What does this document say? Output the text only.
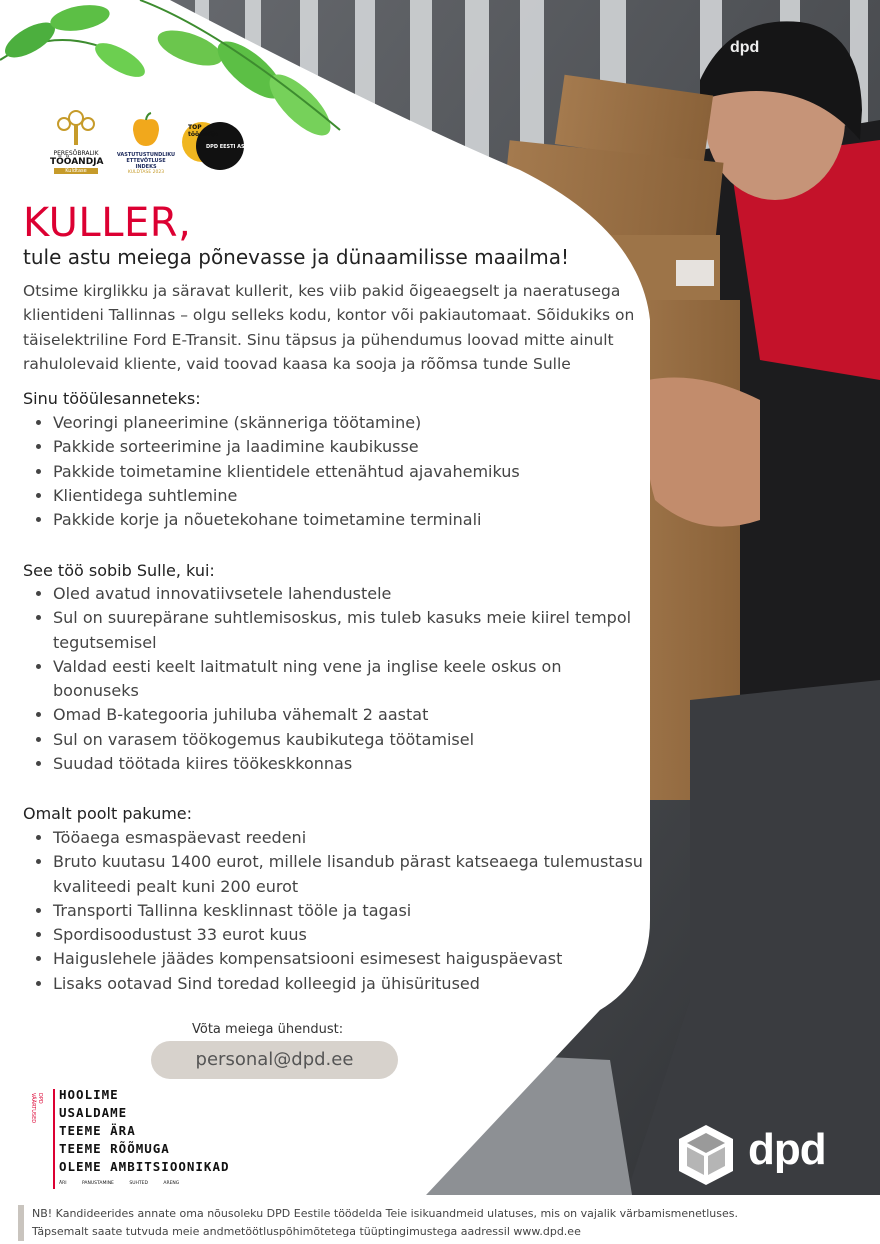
dpd
PERESÕBRALIK
TÖÖANDJA
Kuldtase
VASTUTUSTUNDLIKU
ETTEVÕTLUSE INDEKS
KULDTASE 2023
TOP
tööandja
DPD EESTI AS
KULLER,
tule astu meiega põnevasse ja dünaamilisse maailma!

Otsime kirglikku ja säravat kullerit, kes viib pakid õigeaegselt ja naeratusega klientideni Tallinnas – olgu selleks kodu, kontor või pakiautomaat. Sõidukiks on täiselektriline Ford E-Transit. Sinu täpsus ja pühendumus loovad mitte ainult rahulolevaid kliente, vaid toovad kaasa ka sooja ja rõõmsa tunde Sulle

Sinu tööülesanneteks:
• Veoringi planeerimine (skänneriga töötamine)
• Pakkide sorteerimine ja laadimine kaubikusse
• Pakkide toimetamine klientidele ettenähtud ajavahemikus
• Klientidega suhtlemine
• Pakkide korje ja nõuetekohane toimetamine terminali
See töö sobib Sulle, kui:
• Oled avatud innovatiivsetele lahendustele
• Sul on suurepärane suhtlemisoskus, mis tuleb kasuks meie kiirel tempol tegutsemisel
• Valdad eesti keelt laitmatult ning vene ja inglise keele oskus on boonuseks
• Omad B-kategooria juhiluba vähemalt 2 aastat
• Sul on varasem töökogemus kaubikutega töötamisel
• Suudad töötada kiires töökeskkonnas
Omalt poolt pakume:
• Tööaega esmaspäevast reedeni
• Bruto kuutasu 1400 eurot, millele lisandub pärast katseaega tulemustasu kvaliteedi pealt kuni 200 eurot
• Transporti Tallinna kesklinnast tööle ja tagasi
• Spordisoodustust 33 eurot kuus
• Haiguslehele jäädes kompensatsiooni esimesest haiguspäevast
• Lisaks ootavad Sind toredad kolleegid ja ühisüritused
Võta meiega ühendust:
personal@dpd.ee
DPD VÄÄRTUSED	HOOLIME
USALDAME
TEEME ÄRA
TEEME RÕÕMUGA
OLEME AMBITSIOONIKAD
ÄRI	PANUSTAMINE	SUHTED	ARENG
dpd

NB! Kandideerides annate oma nõusoleku DPD Eestile töödelda Teie isikuandmeid ulatuses, mis on vajalik värbamismenetluses.
Täpsemalt saate tutvuda meie andmetöötluspõhimõtetega tüüptingimustega aadressil www.dpd.ee
